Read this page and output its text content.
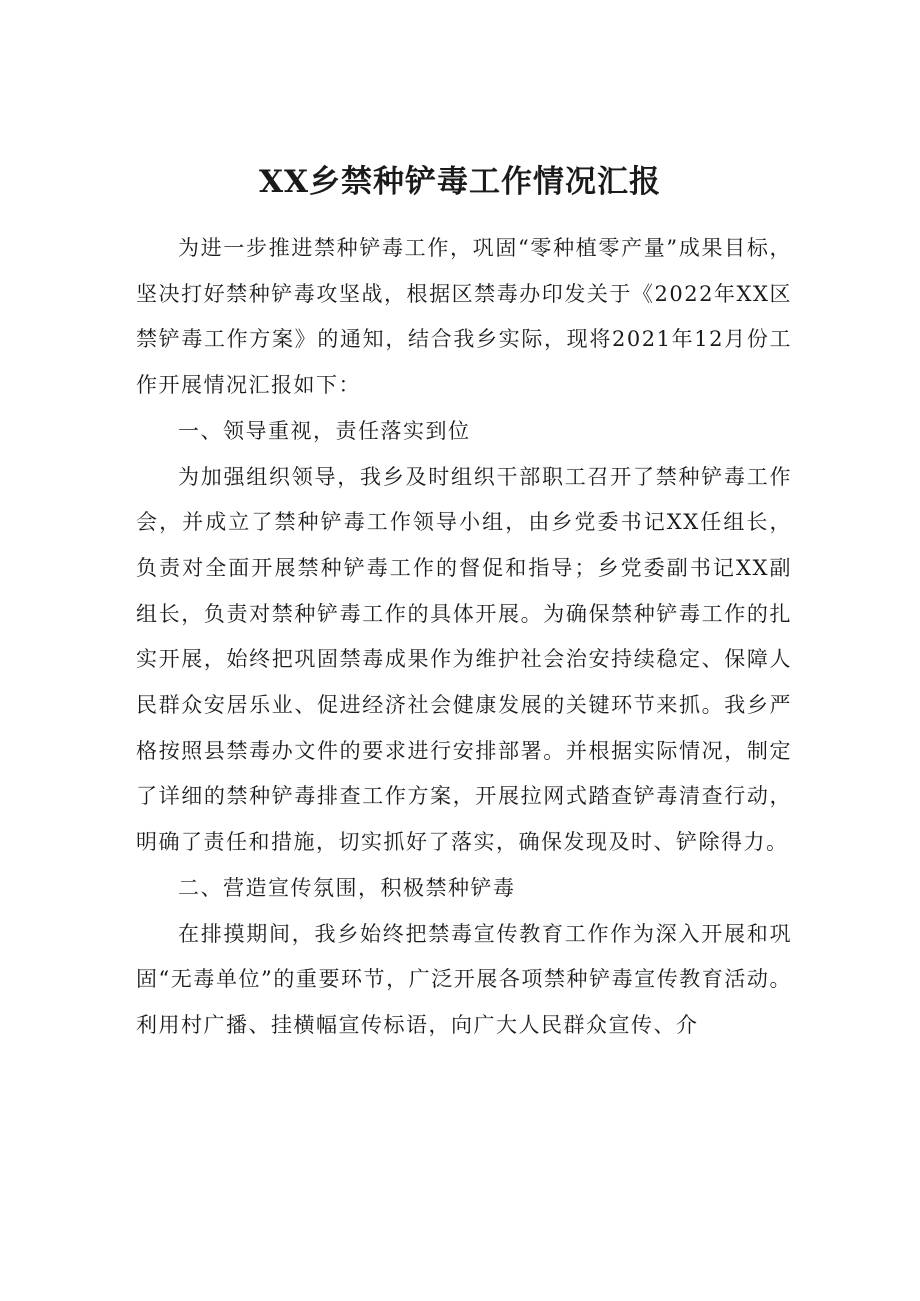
XX乡禁种铲毒工作情况汇报

为进一步推进禁种铲毒工作，巩固“零种植零产量”成果目标，坚决打好禁种铲毒攻坚战，根据区禁毒办印发关于《2022年XX区禁铲毒工作方案》的通知，结合我乡实际，现将2021年12月份工作开展情况汇报如下：

一、领导重视，责任落实到位

为加强组织领导，我乡及时组织干部职工召开了禁种铲毒工作会，并成立了禁种铲毒工作领导小组，由乡党委书记XX任组长，负责对全面开展禁种铲毒工作的督促和指导；乡党委副书记XX副组长，负责对禁种铲毒工作的具体开展。为确保禁种铲毒工作的扎实开展，始终把巩固禁毒成果作为维护社会治安持续稳定、保障人民群众安居乐业、促进经济社会健康发展的关键环节来抓。我乡严格按照县禁毒办文件的要求进行安排部署。并根据实际情况，制定了详细的禁种铲毒排查工作方案，开展拉网式踏查铲毒清查行动，明确了责任和措施，切实抓好了落实，确保发现及时、铲除得力。

二、营造宣传氛围，积极禁种铲毒

在排摸期间，我乡始终把禁毒宣传教育工作作为深入开展和巩固“无毒单位”的重要环节，广泛开展各项禁种铲毒宣传教育活动。利用村广播、挂横幅宣传标语，向广大人民群众宣传、介
